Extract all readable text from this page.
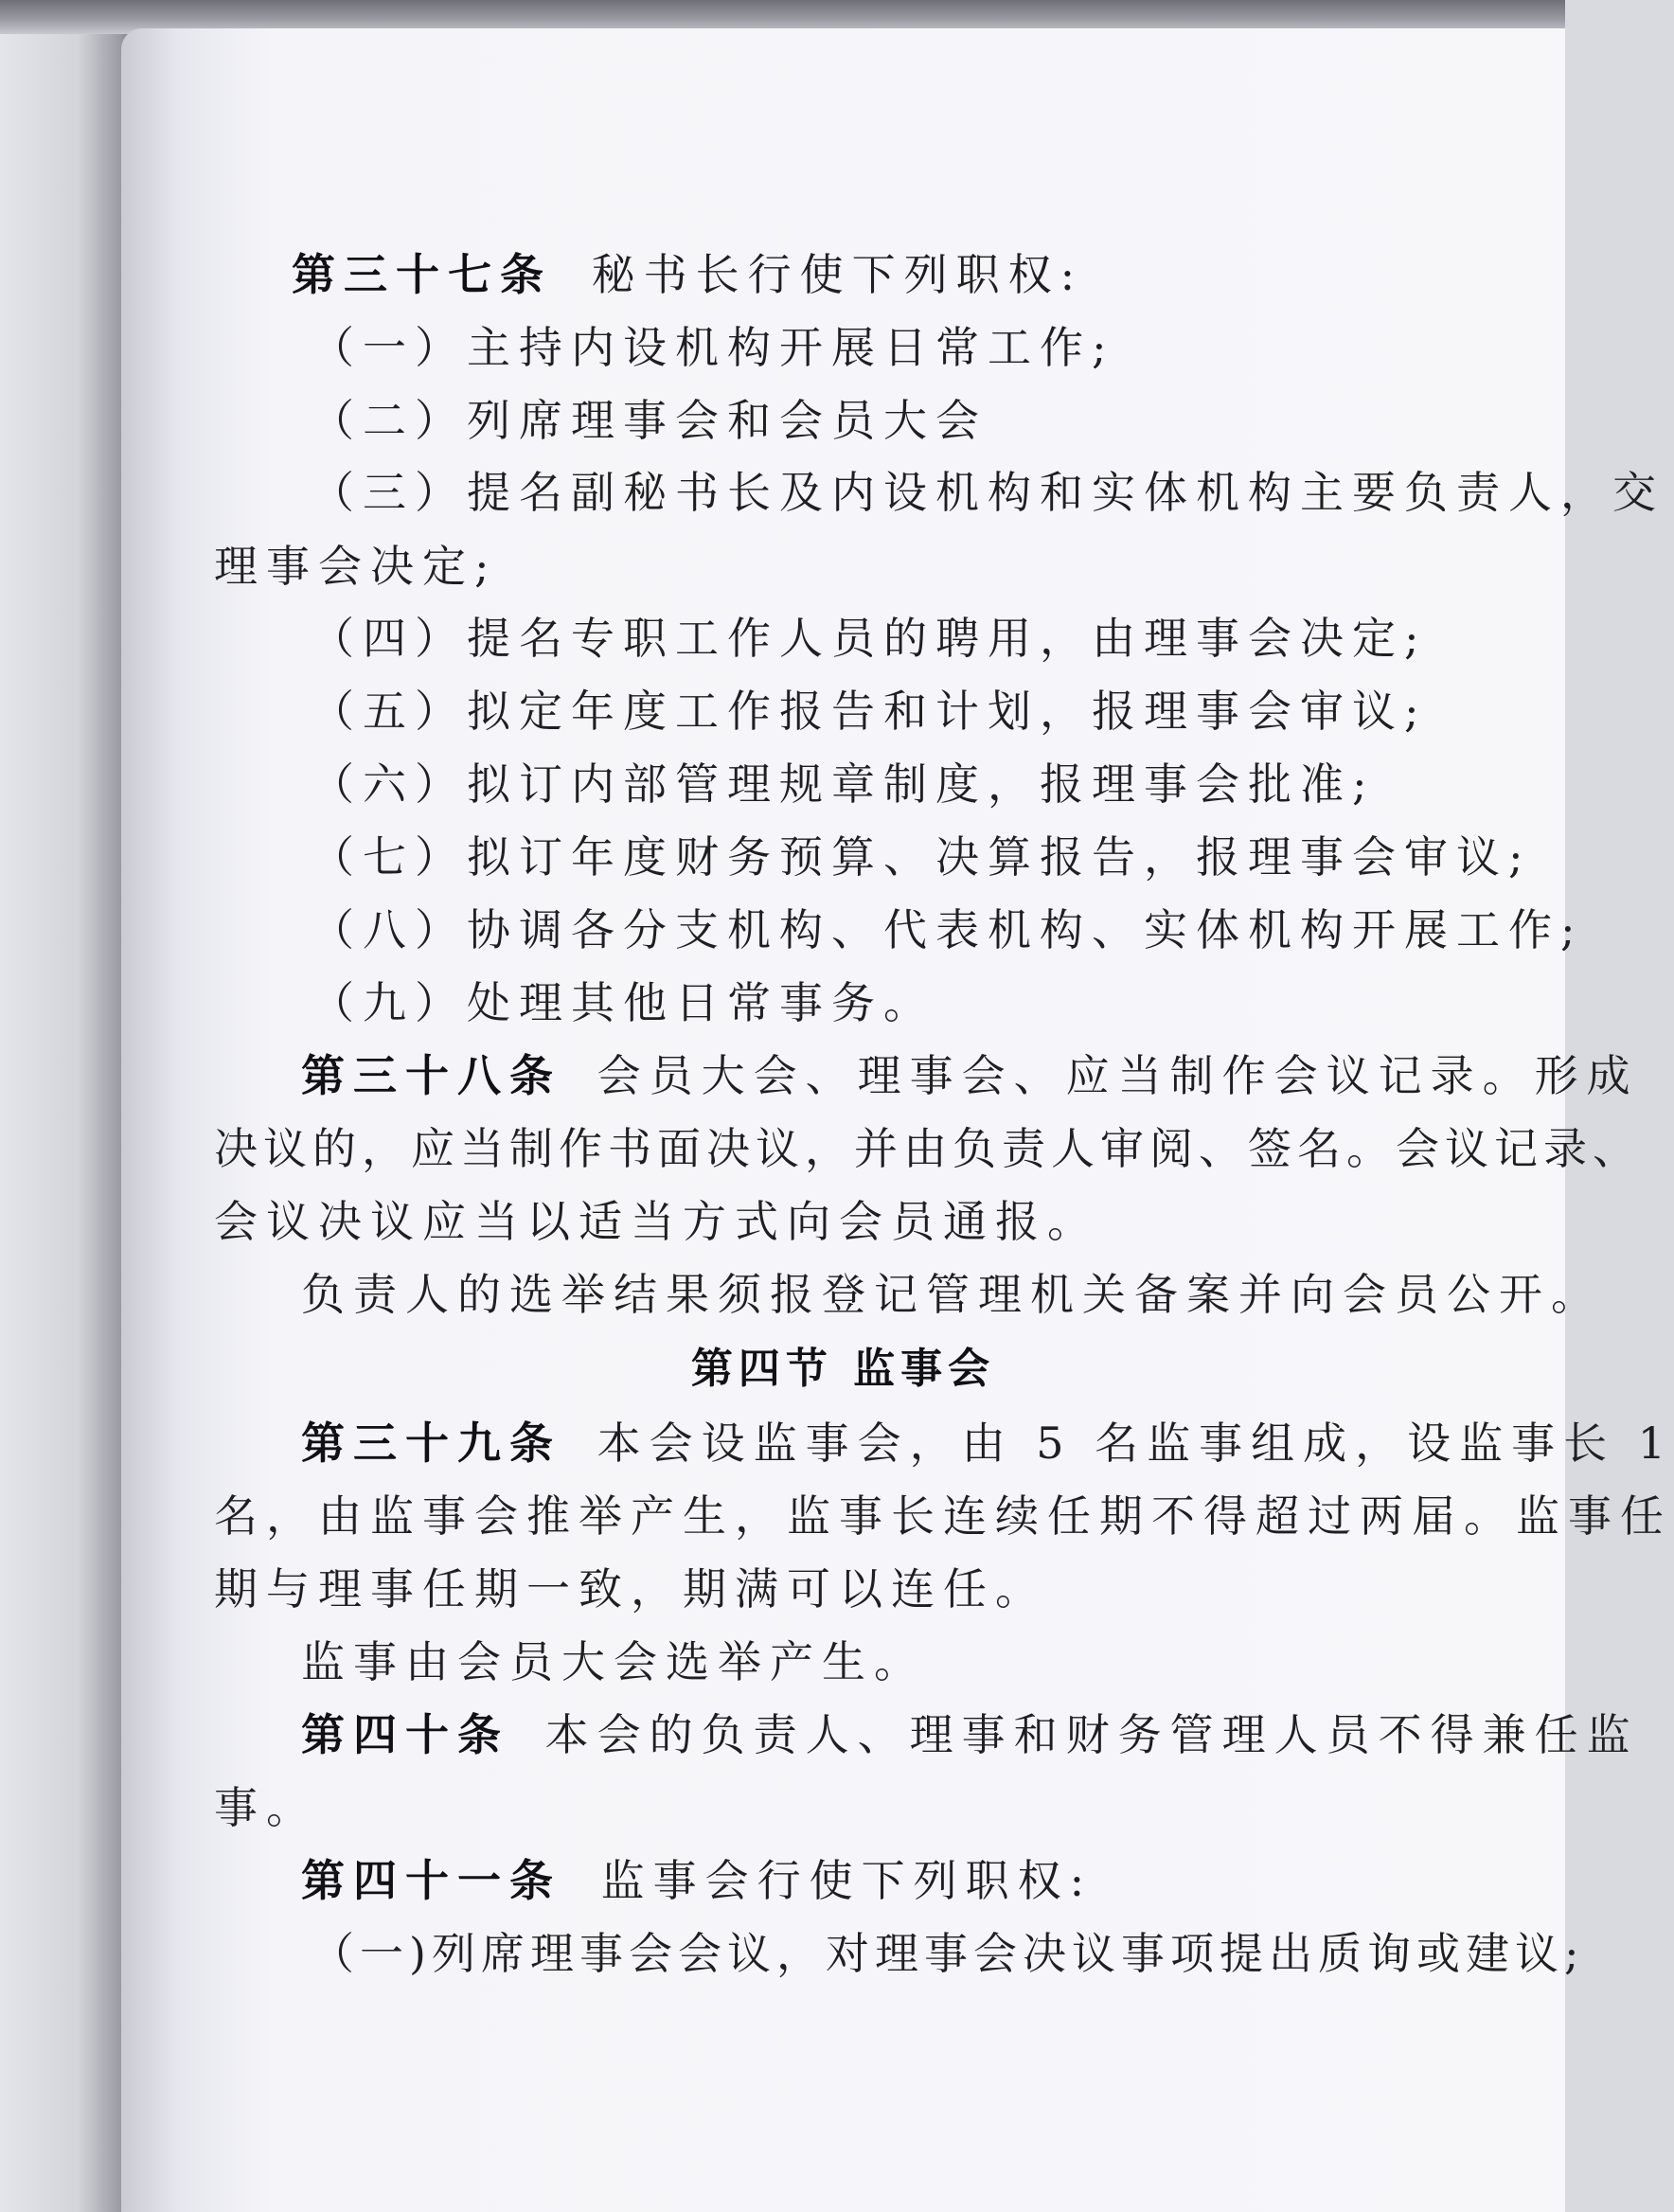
第三十七条 秘书长行使下列职权:

（一）主持内设机构开展日常工作;

（二）列席理事会和会员大会

（三）提名副秘书长及内设机构和实体机构主要负责人，交

理事会决定;

（四）提名专职工作人员的聘用，由理事会决定;

（五）拟定年度工作报告和计划，报理事会审议;

（六）拟订内部管理规章制度，报理事会批准;

（七）拟订年度财务预算、决算报告，报理事会审议;

（八）协调各分支机构、代表机构、实体机构开展工作;

（九）处理其他日常事务。

第三十八条 会员大会、理事会、应当制作会议记录。形成

决议的，应当制作书面决议，并由负责人审阅、签名。会议记录、

会议决议应当以适当方式向会员通报。

负责人的选举结果须报登记管理机关备案并向会员公开。

第四节 监事会

第三十九条 本会设监事会，由 5 名监事组成，设监事长 1

名，由监事会推举产生，监事长连续任期不得超过两届。监事任

期与理事任期一致，期满可以连任。

监事由会员大会选举产生。

第四十条 本会的负责人、理事和财务管理人员不得兼任监

事。

第四十一条 监事会行使下列职权:

（一)列席理事会会议，对理事会决议事项提出质询或建议;
